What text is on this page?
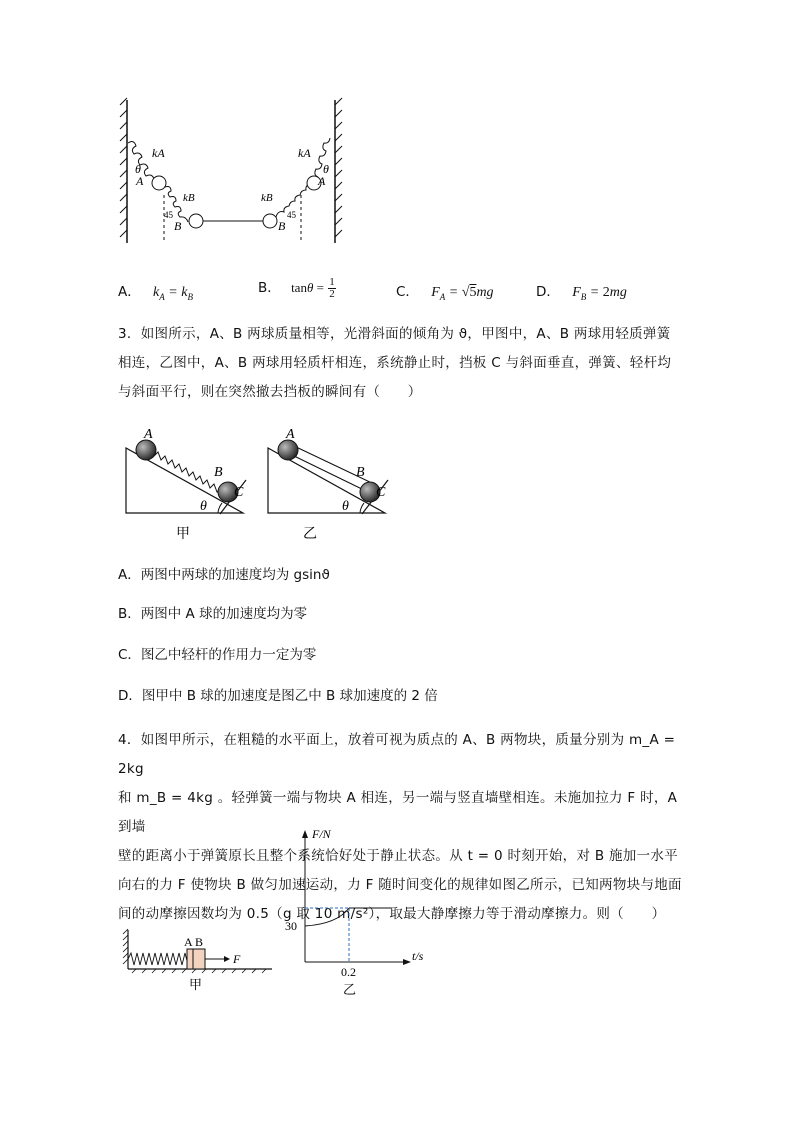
kA
θ
A
kB
45
B
kA
θ
A
kB
45
B
A． $k_A = k_B$
B． $\tan\theta = \frac{1}{2}$	C． $F_A = √5mg$	D． $F_B = 2mg$
3．如图所示，A、B 两球质量相等，光滑斜面的倾角为 ϑ，甲图中，A、B 两球用轻质弹簧
相连，乙图中，A、B 两球用轻质杆相连，系统静止时，挡板 C 与斜面垂直，弹簧、轻杆均
与斜面平行，则在突然撤去挡板的瞬间有（　　）
A
B
C
θ
甲
A
B
C
θ
乙
A．两图中两球的加速度均为 gsinϑ
B．两图中 A 球的加速度均为零
C．图乙中轻杆的作用力一定为零
D．图甲中 B 球的加速度是图乙中 B 球加速度的 2 倍
4．如图甲所示，在粗糙的水平面上，放着可视为质点的 A、B 两物块，质量分别为 m_A = 2kg
和 m_B = 4kg 。轻弹簧一端与物块 A 相连，另一端与竖直墙壁相连。未施加拉力 F 时，A 到墙
壁的距离小于弹簧原长且整个系统恰好处于静止状态。从 t = 0 时刻开始，对 B 施加一水平
向右的力 F 使物块 B 做匀加速运动，力 F 随时间变化的规律如图乙所示，已知两物块与地面
间的动摩擦因数均为 0.5（g 取 10 m/s²），取最大静摩擦力等于滑动摩擦力。则（　　）
A B
F
甲
F/N
30
0.2
t/s
乙
